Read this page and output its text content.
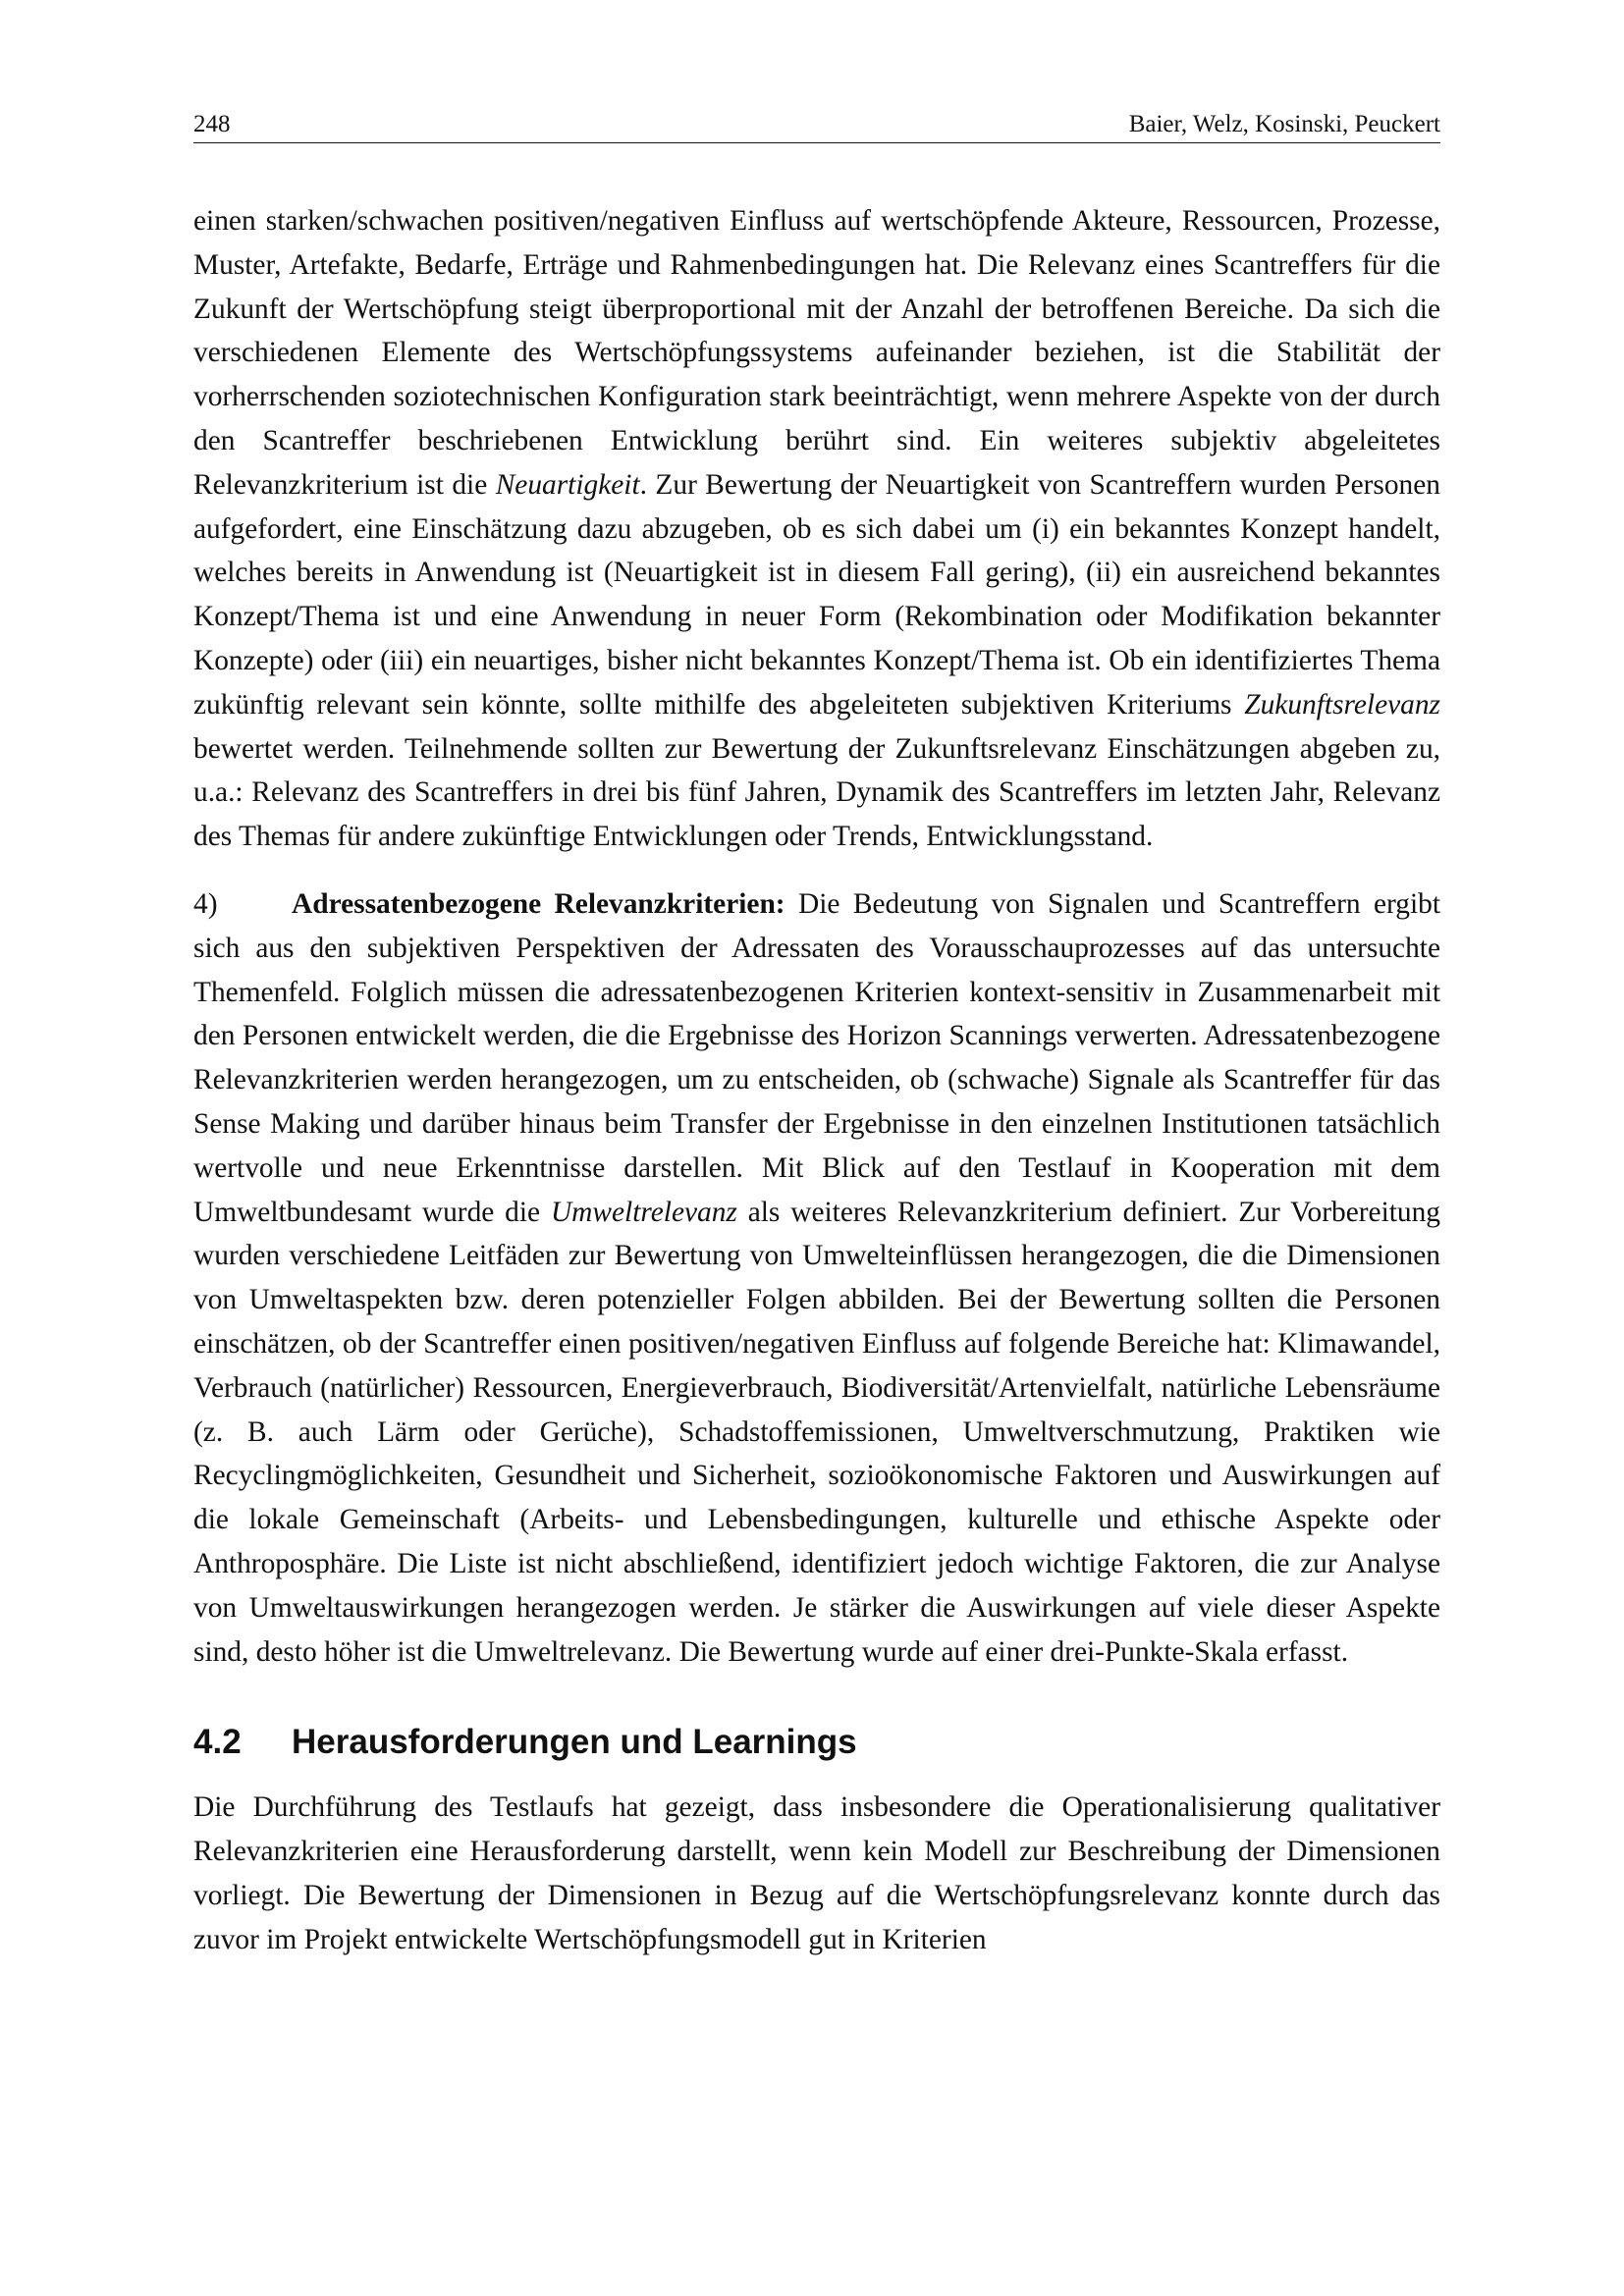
248	Baier, Welz, Kosinski, Peuckert

einen starken/schwachen positiven/negativen Einfluss auf wertschöpfende Akteure, Ressourcen, Prozesse, Muster, Artefakte, Bedarfe, Erträge und Rahmenbedingungen hat. Die Relevanz eines Scantreffers für die Zukunft der Wertschöpfung steigt überproportional mit der Anzahl der betroffenen Bereiche. Da sich die verschiedenen Elemente des Wertschöpfungssystems aufeinander beziehen, ist die Stabilität der vorherrschenden soziotechnischen Konfiguration stark beeinträchtigt, wenn mehrere Aspekte von der durch den Scantreffer beschriebenen Entwicklung berührt sind. Ein weiteres subjektiv abgeleitetes Relevanzkriterium ist die Neuartigkeit. Zur Bewertung der Neuartigkeit von Scantreffern wurden Personen aufgefordert, eine Einschätzung dazu abzugeben, ob es sich dabei um (i) ein bekanntes Konzept handelt, welches bereits in Anwendung ist (Neuartigkeit ist in diesem Fall gering), (ii) ein ausreichend bekanntes Konzept/Thema ist und eine Anwendung in neuer Form (Rekombination oder Modifikation bekannter Konzepte) oder (iii) ein neuartiges, bisher nicht bekanntes Konzept/Thema ist. Ob ein identifiziertes Thema zukünftig relevant sein könnte, sollte mithilfe des abgeleiteten subjektiven Kriteriums Zukunftsrelevanz bewertet werden. Teilnehmende sollten zur Bewertung der Zukunftsrelevanz Einschätzungen abgeben zu, u.a.: Relevanz des Scantreffers in drei bis fünf Jahren, Dynamik des Scantreffers im letzten Jahr, Relevanz des Themas für andere zukünftige Entwicklungen oder Trends, Entwicklungsstand.

4)	Adressatenbezogene Relevanzkriterien: Die Bedeutung von Signalen und Scantreffern ergibt sich aus den subjektiven Perspektiven der Adressaten des Vorausschauprozesses auf das untersuchte Themenfeld. Folglich müssen die adressatenbezogenen Kriterien kontext-sensitiv in Zusammenarbeit mit den Personen entwickelt werden, die die Ergebnisse des Horizon Scannings verwerten. Adressatenbezogene Relevanzkriterien werden herangezogen, um zu entscheiden, ob (schwache) Signale als Scantreffer für das Sense Making und darüber hinaus beim Transfer der Ergebnisse in den einzelnen Institutionen tatsächlich wertvolle und neue Erkenntnisse darstellen. Mit Blick auf den Testlauf in Kooperation mit dem Umweltbundesamt wurde die Umweltrelevanz als weiteres Relevanzkriterium definiert. Zur Vorbereitung wurden verschiedene Leitfäden zur Bewertung von Umwelteinflüssen herangezogen, die die Dimensionen von Umweltaspekten bzw. deren potenzieller Folgen abbilden. Bei der Bewertung sollten die Personen einschätzen, ob der Scantreffer einen positiven/negativen Einfluss auf folgende Bereiche hat: Klimawandel, Verbrauch (natürlicher) Ressourcen, Energieverbrauch, Biodiversität/Artenvielfalt, natürliche Lebensräume (z. B. auch Lärm oder Gerüche), Schadstoffemissionen, Umweltverschmutzung, Praktiken wie Recyclingmöglichkeiten, Gesundheit und Sicherheit, sozioökonomische Faktoren und Auswirkungen auf die lokale Gemeinschaft (Arbeits- und Lebensbedingungen, kulturelle und ethische Aspekte oder Anthroposphäre. Die Liste ist nicht abschließend, identifiziert jedoch wichtige Faktoren, die zur Analyse von Umweltauswirkungen herangezogen werden. Je stärker die Auswirkungen auf viele dieser Aspekte sind, desto höher ist die Umweltrelevanz. Die Bewertung wurde auf einer drei-Punkte-Skala erfasst.

4.2 Herausforderungen und Learnings

Die Durchführung des Testlaufs hat gezeigt, dass insbesondere die Operationalisierung qualitativer Relevanzkriterien eine Herausforderung darstellt, wenn kein Modell zur Beschreibung der Dimensionen vorliegt. Die Bewertung der Dimensionen in Bezug auf die Wertschöpfungsrelevanz konnte durch das zuvor im Projekt entwickelte Wertschöpfungsmodell gut in Kriterien
